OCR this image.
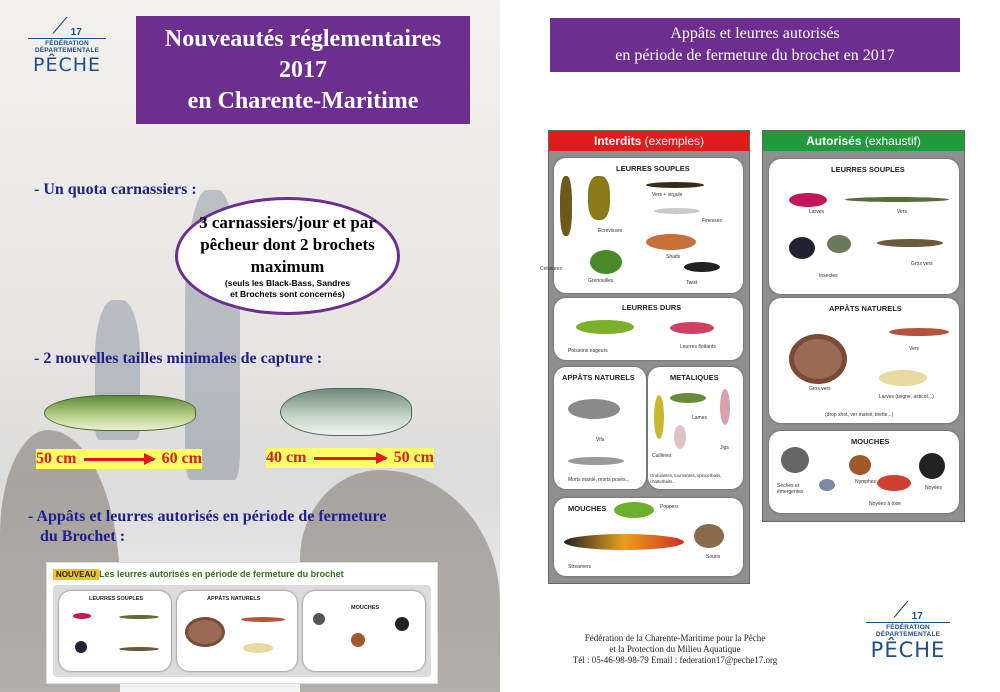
⟋ 17
FÉDÉRATION DÉPARTEMENTALE
PÊCHE
Nouveautés réglementaires
2017
en Charente-Maritime
- Un quota carnassiers :
3 carnassiers/jour et par
pêcheur dont 2 brochets
maximum
(seuls les Black-Bass, Sandres
et Brochets sont concernés)
- 2 nouvelles tailles minimales de capture :
50 cm	60 cm	40 cm	50 cm
- Appâts et leurres autorisés en période de fermeture
du Brochet :
NOUVEAU Les leurres autorisés en période de fermeture du brochet
LEURRES SOUPLES	APPÂTS NATURELS
MOUCHES
Appâts et leurres autorisés
en période de fermeture du brochet en 2017
Interdits (exemples)
LEURRES SOUPLES
Vers + virgule
Ecrevisses
Finesses
Créatures
Shads
Grenouilles	Twist
LEURRES DURS
Poissons nageurs
Leurres flottants
APPÂTS NATURELS
Vifs
Morts manié, morts posés...
METALIQUES
Lames
Cuillères
Jigs
Ondulantes, tournantes, spinnerbaits, chatterbaits...
MOUCHES	Poppers
Streamers
Souris
Autorisés (exhaustif)
LEURRES SOUPLES
Larves	Vers
Insectes
Gros vers
APPÂTS NATURELS
Vers
Gros vers
Larves (teigne, asticot...)
(drop shot, ver manié, tirette...)
MOUCHES
Sèches et émergentes
Nymphes
Noyées
Noyées à tose
Fédération de la Charente-Maritime pour la Pêche
et la Protection du Milieu Aquatique
Tél : 05-46-98-98-79 Email : federation17@peche17.org
⟋ 17
FÉDÉRATION DÉPARTEMENTALE
PÊCHE
